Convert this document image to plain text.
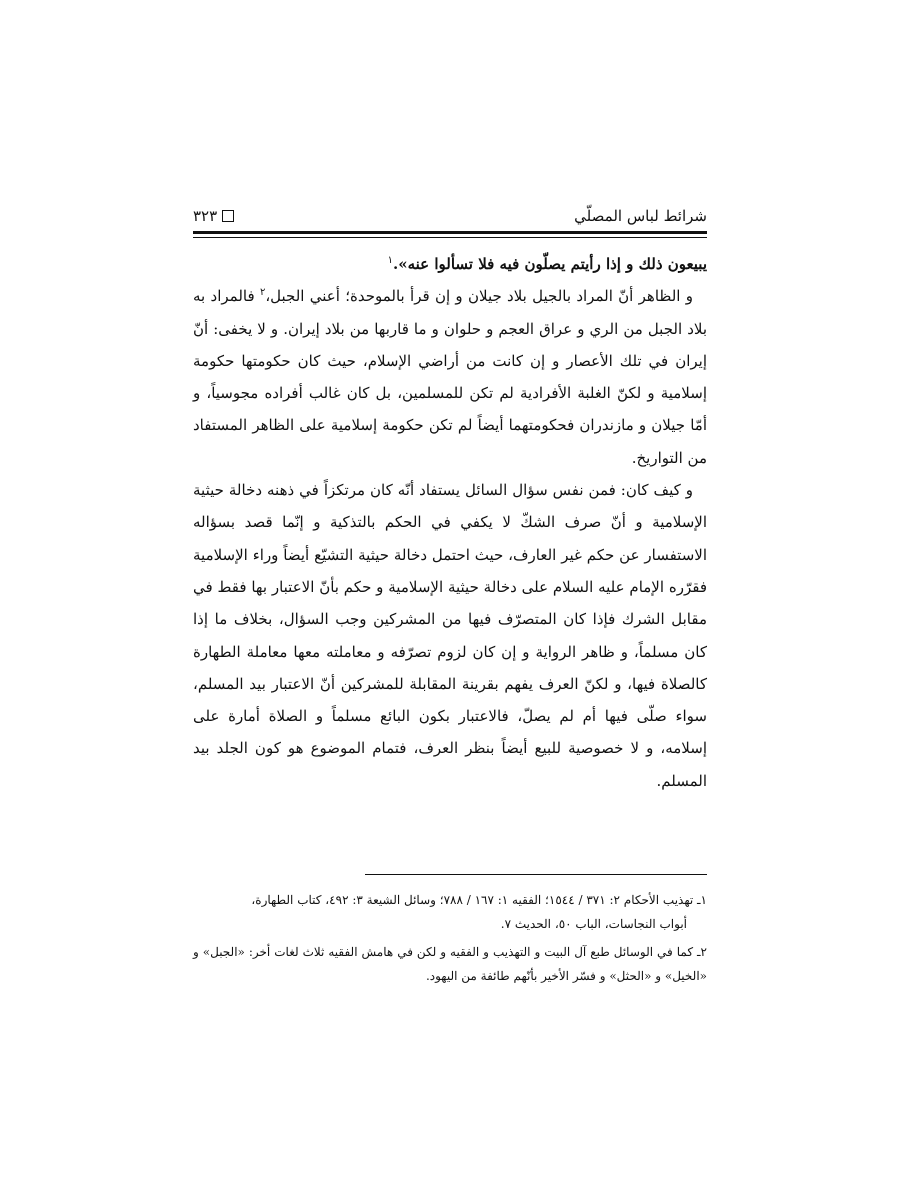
شرائط لباس المصلّي
٣٢٣

يبيعون ذلك و إذا رأيتم يصلّون فيه فلا تسألوا عنه».$^١$

و الظاهر أنّ المراد بالجيل بلاد جيلان و إن قرأ بالموحدة؛ أعني الجبل،$^٢$ فالمراد به بلاد الجبل من الري و عراق العجم و حلوان و ما قاربها من بلاد إيران. و لا يخفى: أنّ إيران في تلك الأعصار و إن كانت من أراضي الإسلام، حيث كان حكومتها حكومة إسلامية و لكنّ الغلبة الأفرادية لم تكن للمسلمين، بل كان غالب أفراده مجوسياً، و أمّا جيلان و مازندران فحكومتهما أيضاً لم تكن حكومة إسلامية على الظاهر المستفاد من التواريخ.

و كيف كان: فمن نفس سؤال السائل يستفاد أنّه كان مرتكزاً في ذهنه دخالة حيثية الإسلامية و أنّ صرف الشكّ لا يكفي في الحكم بالتذكية و إنّما قصد بسؤاله الاستفسار عن حكم غير العارف، حيث احتمل دخالة حيثية التشيّع أيضاً وراء الإسلامية فقرّره الإمام عليه السلام على دخالة حيثية الإسلامية و حكم بأنّ الاعتبار بها فقط في مقابل الشرك فإذا كان المتصرّف فيها من المشركين وجب السؤال، بخلاف ما إذا كان مسلماً، و ظاهر الرواية و إن كان لزوم تصرّفه و معاملته معها معاملة الطهارة كالصلاة فيها، و لكنّ العرف يفهم بقرينة المقابلة للمشركين أنّ الاعتبار بيد المسلم، سواء صلّى فيها أم لم يصلّ، فالاعتبار بكون البائع مسلماً و الصلاة أمارة على إسلامه، و لا خصوصية للبيع أيضاً بنظر العرف، فتمام الموضوع هو كون الجلد بيد المسلم.

١ـ تهذيب الأحكام ٢: ٣٧١ / ١٥٤٤؛ الفقيه ١: ١٦٧ / ٧٨٨؛ وسائل الشيعة ٣: ٤٩٢، كتاب الطهارة،
أبواب النجاسات، الباب ٥٠، الحديث ٧.

٢ـ كما في الوسائل طبع آل البيت و التهذيب و الفقيه و لكن في هامش الفقيه ثلاث لغات أخر: «الجبل» و «الخيل» و «الحثل» و فسّر الأخير بأنّهم طائفة من اليهود.
